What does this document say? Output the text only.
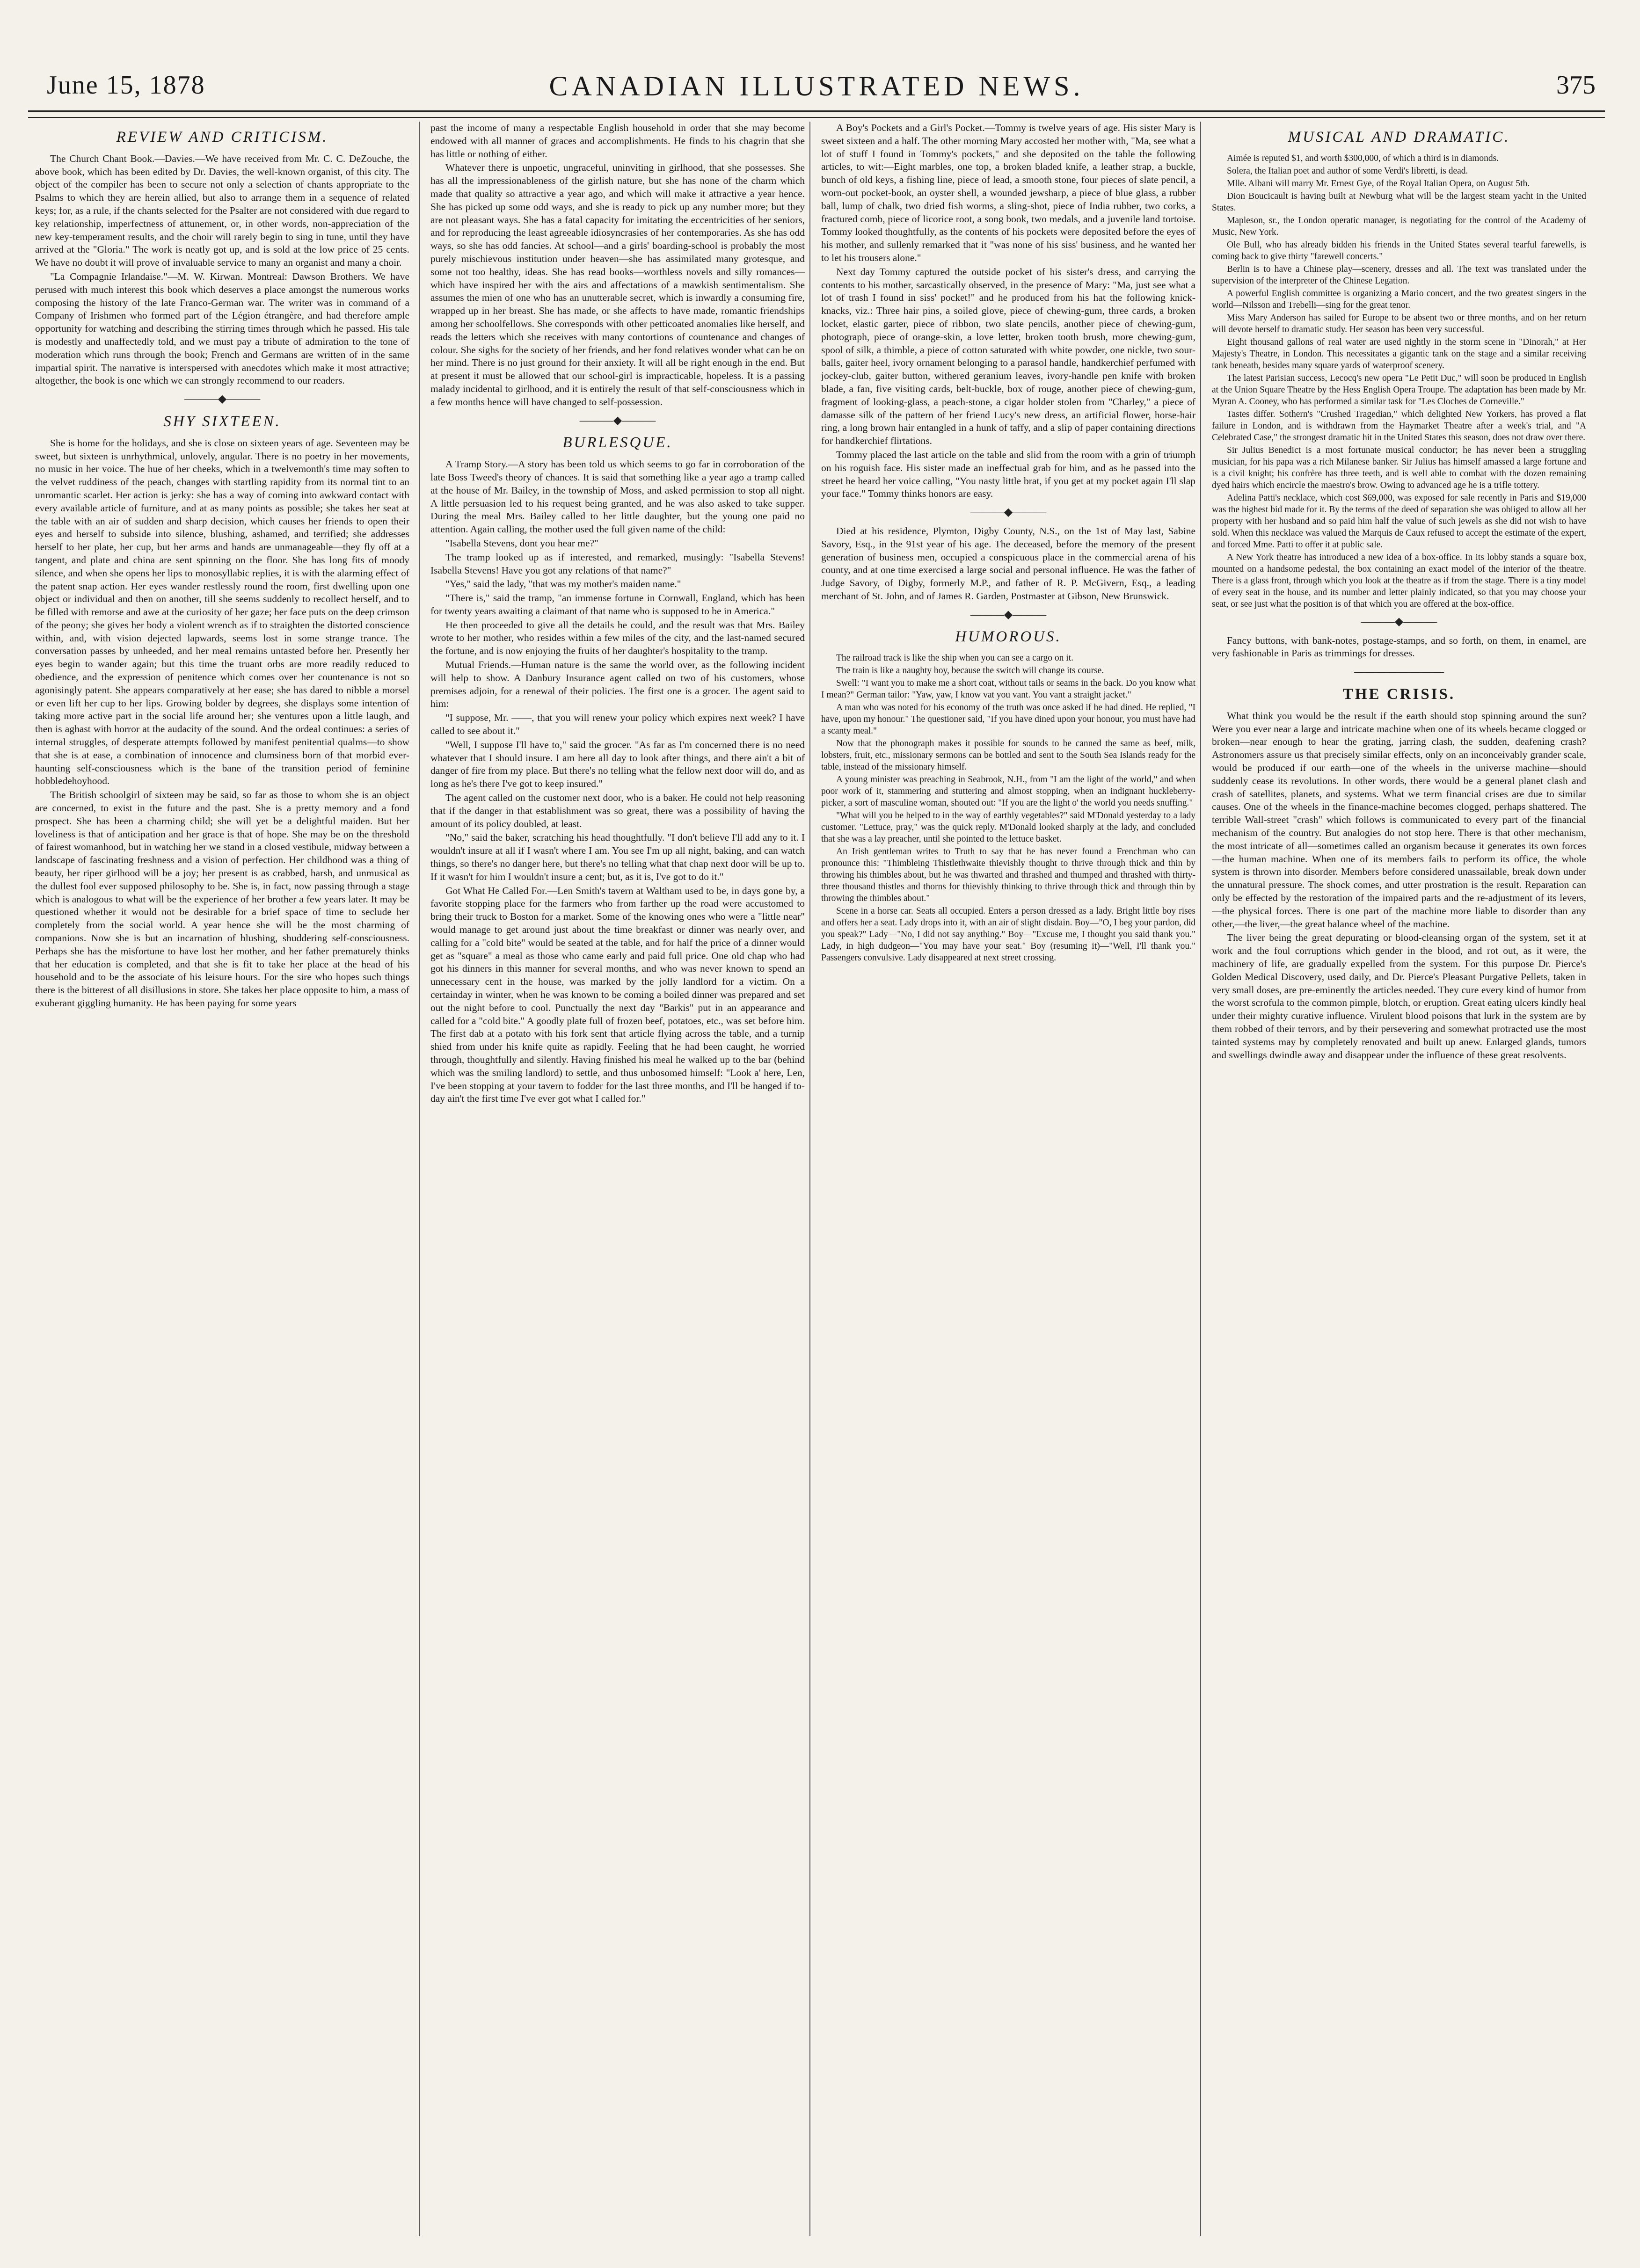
June 15, 1878	CANADIAN ILLUSTRATED NEWS.	375
REVIEW AND CRITICISM.

The Church Chant Book.—Davies.—We have received from Mr. C. C. DeZouche, the above book, which has been edited by Dr. Davies, the well-known organist, of this city. The object of the compiler has been to secure not only a selection of chants appropriate to the Psalms to which they are herein allied, but also to arrange them in a sequence of related keys; for, as a rule, if the chants selected for the Psalter are not considered with due regard to key relationship, imperfectness of attunement, or, in other words, non-appreciation of the new key-temperament results, and the choir will rarely begin to sing in tune, until they have arrived at the "Gloria." The work is neatly got up, and is sold at the low price of 25 cents. We have no doubt it will prove of invaluable service to many an organist and many a choir.

"La Compagnie Irlandaise."—M. W. Kirwan. Montreal: Dawson Brothers. We have perused with much interest this book which deserves a place amongst the numerous works composing the history of the late Franco-German war. The writer was in command of a Company of Irishmen who formed part of the Légion étrangère, and had therefore ample opportunity for watching and describing the stirring times through which he passed. His tale is modestly and unaffectedly told, and we must pay a tribute of admiration to the tone of moderation which runs through the book; French and Germans are written of in the same impartial spirit. The narrative is interspersed with anecdotes which make it most attractive; altogether, the book is one which we can strongly recommend to our readers.

———◆———
SHY SIXTEEN.

She is home for the holidays, and she is close on sixteen years of age. Seventeen may be sweet, but sixteen is unrhythmical, unlovely, angular. There is no poetry in her movements, no music in her voice. The hue of her cheeks, which in a twelvemonth's time may soften to the velvet ruddiness of the peach, changes with startling rapidity from its normal tint to an unromantic scarlet. Her action is jerky: she has a way of coming into awkward contact with every available article of furniture, and at as many points as possible; she takes her seat at the table with an air of sudden and sharp decision, which causes her friends to open their eyes and herself to subside into silence, blushing, ashamed, and terrified; she addresses herself to her plate, her cup, but her arms and hands are unmanageable—they fly off at a tangent, and plate and china are sent spinning on the floor. She has long fits of moody silence, and when she opens her lips to monosyllabic replies, it is with the alarming effect of the patent snap action. Her eyes wander restlessly round the room, first dwelling upon one object or individual and then on another, till she seems suddenly to recollect herself, and to be filled with remorse and awe at the curiosity of her gaze; her face puts on the deep crimson of the peony; she gives her body a violent wrench as if to straighten the distorted conscience within, and, with vision dejected lapwards, seems lost in some strange trance. The conversation passes by unheeded, and her meal remains untasted before her. Presently her eyes begin to wander again; but this time the truant orbs are more readily reduced to obedience, and the expression of penitence which comes over her countenance is not so agonisingly patent. She appears comparatively at her ease; she has dared to nibble a morsel or even lift her cup to her lips. Growing bolder by degrees, she displays some intention of taking more active part in the social life around her; she ventures upon a little laugh, and then is aghast with horror at the audacity of the sound. And the ordeal continues: a series of internal struggles, of desperate attempts followed by manifest penitential qualms—to show that she is at ease, a combination of innocence and clumsiness born of that morbid ever-haunting self-consciousness which is the bane of the transition period of feminine hobbledehoyhood.

The British schoolgirl of sixteen may be said, so far as those to whom she is an object are concerned, to exist in the future and the past. She is a pretty memory and a fond prospect. She has been a charming child; she will yet be a delightful maiden. But her loveliness is that of anticipation and her grace is that of hope. She may be on the threshold of fairest womanhood, but in watching her we stand in a closed vestibule, midway between a landscape of fascinating freshness and a vision of perfection. Her childhood was a thing of beauty, her riper girlhood will be a joy; her present is as crabbed, harsh, and unmusical as the dullest fool ever supposed philosophy to be. She is, in fact, now passing through a stage which is analogous to what will be the experience of her brother a few years later. It may be questioned whether it would not be desirable for a brief space of time to seclude her completely from the social world. A year hence she will be the most charming of companions. Now she is but an incarnation of blushing, shuddering self-consciousness. Perhaps she has the misfortune to have lost her mother, and her father prematurely thinks that her education is completed, and that she is fit to take her place at the head of his household and to be the associate of his leisure hours. For the sire who hopes such things there is the bitterest of all disillusions in store. She takes her place opposite to him, a mass of exuberant giggling humanity. He has been paying for some years

past the income of many a respectable English household in order that she may become endowed with all manner of graces and accomplishments. He finds to his chagrin that she has little or nothing of either.

Whatever there is unpoetic, ungraceful, uninviting in girlhood, that she possesses. She has all the impressionableness of the girlish nature, but she has none of the charm which made that quality so attractive a year ago, and which will make it attractive a year hence. She has picked up some odd ways, and she is ready to pick up any number more; but they are not pleasant ways. She has a fatal capacity for imitating the eccentricities of her seniors, and for reproducing the least agreeable idiosyncrasies of her contemporaries. As she has odd ways, so she has odd fancies. At school—and a girls' boarding-school is probably the most purely mischievous institution under heaven—she has assimilated many grotesque, and some not too healthy, ideas. She has read books—worthless novels and silly romances—which have inspired her with the airs and affectations of a mawkish sentimentalism. She assumes the mien of one who has an unutterable secret, which is inwardly a consuming fire, wrapped up in her breast. She has made, or she affects to have made, romantic friendships among her schoolfellows. She corresponds with other petticoated anomalies like herself, and reads the letters which she receives with many contortions of countenance and changes of colour. She sighs for the society of her friends, and her fond relatives wonder what can be on her mind. There is no just ground for their anxiety. It will all be right enough in the end. But at present it must be allowed that our school-girl is impracticable, hopeless. It is a passing malady incidental to girlhood, and it is entirely the result of that self-consciousness which in a few months hence will have changed to self-possession.

———◆———
BURLESQUE.

A Tramp Story.—A story has been told us which seems to go far in corroboration of the late Boss Tweed's theory of chances. It is said that something like a year ago a tramp called at the house of Mr. Bailey, in the township of Moss, and asked permission to stop all night. A little persuasion led to his request being granted, and he was also asked to take supper. During the meal Mrs. Bailey called to her little daughter, but the young one paid no attention. Again calling, the mother used the full given name of the child:

"Isabella Stevens, dont you hear me?"

The tramp looked up as if interested, and remarked, musingly: "Isabella Stevens! Isabella Stevens! Have you got any relations of that name?"

"Yes," said the lady, "that was my mother's maiden name."

"There is," said the tramp, "an immense fortune in Cornwall, England, which has been for twenty years awaiting a claimant of that name who is supposed to be in America."

He then proceeded to give all the details he could, and the result was that Mrs. Bailey wrote to her mother, who resides within a few miles of the city, and the last-named secured the fortune, and is now enjoying the fruits of her daughter's hospitality to the tramp.

Mutual Friends.—Human nature is the same the world over, as the following incident will help to show. A Danbury Insurance agent called on two of his customers, whose premises adjoin, for a renewal of their policies. The first one is a grocer. The agent said to him:

"I suppose, Mr. ——, that you will renew your policy which expires next week? I have called to see about it."

"Well, I suppose I'll have to," said the grocer. "As far as I'm concerned there is no need whatever that I should insure. I am here all day to look after things, and there ain't a bit of danger of fire from my place. But there's no telling what the fellow next door will do, and as long as he's there I've got to keep insured."

The agent called on the customer next door, who is a baker. He could not help reasoning that if the danger in that establishment was so great, there was a possibility of having the amount of its policy doubled, at least.

"No," said the baker, scratching his head thoughtfully. "I don't believe I'll add any to it. I wouldn't insure at all if I wasn't where I am. You see I'm up all night, baking, and can watch things, so there's no danger here, but there's no telling what that chap next door will be up to. If it wasn't for him I wouldn't insure a cent; but, as it is, I've got to do it."

Got What He Called For.—Len Smith's tavern at Waltham used to be, in days gone by, a favorite stopping place for the farmers who from farther up the road were accustomed to bring their truck to Boston for a market. Some of the knowing ones who were a "little near" would manage to get around just about the time breakfast or dinner was nearly over, and calling for a "cold bite" would be seated at the table, and for half the price of a dinner would get as "square" a meal as those who came early and paid full price. One old chap who had got his dinners in this manner for several months, and who was never known to spend an unnecessary cent in the house, was marked by the jolly landlord for a victim. On a certainday in winter, when he was known to be coming a boiled dinner was prepared and set out the night before to cool. Punctually the next day "Barkis" put in an appearance and called for a "cold bite." A goodly plate full of frozen beef, potatoes, etc., was set before him. The first dab at a potato with his fork sent that article flying across the table, and a turnip shied from under his knife quite as rapidly. Feeling that he had been caught, he worried through, thoughtfully and silently. Having finished his meal he walked up to the bar (behind which was the smiling landlord) to settle, and thus unbosomed himself: "Look a' here, Len, I've been stopping at your tavern to fodder for the last three months, and I'll be hanged if to-day ain't the first time I've ever got what I called for."

A Boy's Pockets and a Girl's Pocket.—Tommy is twelve years of age. His sister Mary is sweet sixteen and a half. The other morning Mary accosted her mother with, "Ma, see what a lot of stuff I found in Tommy's pockets," and she deposited on the table the following articles, to wit:—Eight marbles, one top, a broken bladed knife, a leather strap, a buckle, bunch of old keys, a fishing line, piece of lead, a smooth stone, four pieces of slate pencil, a worn-out pocket-book, an oyster shell, a wounded jewsharp, a piece of blue glass, a rubber ball, lump of chalk, two dried fish worms, a sling-shot, piece of India rubber, two corks, a fractured comb, piece of licorice root, a song book, two medals, and a juvenile land tortoise. Tommy looked thoughtfully, as the contents of his pockets were deposited before the eyes of his mother, and sullenly remarked that it "was none of his siss' business, and he wanted her to let his trousers alone."

Next day Tommy captured the outside pocket of his sister's dress, and carrying the contents to his mother, sarcastically observed, in the presence of Mary: "Ma, just see what a lot of trash I found in siss' pocket!" and he produced from his hat the following knick-knacks, viz.: Three hair pins, a soiled glove, piece of chewing-gum, three cards, a broken locket, elastic garter, piece of ribbon, two slate pencils, another piece of chewing-gum, photograph, piece of orange-skin, a love letter, broken tooth brush, more chewing-gum, spool of silk, a thimble, a piece of cotton saturated with white powder, one nickle, two sour-balls, gaiter heel, ivory ornament belonging to a parasol handle, handkerchief perfumed with jockey-club, gaiter button, withered geranium leaves, ivory-handle pen knife with broken blade, a fan, five visiting cards, belt-buckle, box of rouge, another piece of chewing-gum, fragment of looking-glass, a peach-stone, a cigar holder stolen from "Charley," a piece of damasse silk of the pattern of her friend Lucy's new dress, an artificial flower, horse-hair ring, a long brown hair entangled in a hunk of taffy, and a slip of paper containing directions for handkerchief flirtations.

Tommy placed the last article on the table and slid from the room with a grin of triumph on his roguish face. His sister made an ineffectual grab for him, and as he passed into the street he heard her voice calling, "You nasty little brat, if you get at my pocket again I'll slap your face." Tommy thinks honors are easy.

———◆———

Died at his residence, Plymton, Digby County, N.S., on the 1st of May last, Sabine Savory, Esq., in the 91st year of his age. The deceased, before the memory of the present generation of business men, occupied a conspicuous place in the commercial arena of his county, and at one time exercised a large social and personal influence. He was the father of Judge Savory, of Digby, formerly M.P., and father of R. P. McGivern, Esq., a leading merchant of St. John, and of James R. Garden, Postmaster at Gibson, New Brunswick.

———◆———
HUMOROUS.

The railroad track is like the ship when you can see a cargo on it.

The train is like a naughty boy, because the switch will change its course.

Swell: "I want you to make me a short coat, without tails or seams in the back. Do you know what I mean?" German tailor: "Yaw, yaw, I know vat you vant. You vant a straight jacket."

A man who was noted for his economy of the truth was once asked if he had dined. He replied, "I have, upon my honour." The questioner said, "If you have dined upon your honour, you must have had a scanty meal."

Now that the phonograph makes it possible for sounds to be canned the same as beef, milk, lobsters, fruit, etc., missionary sermons can be bottled and sent to the South Sea Islands ready for the table, instead of the missionary himself.

A young minister was preaching in Seabrook, N.H., from "I am the light of the world," and when poor work of it, stammering and stuttering and almost stopping, when an indignant huckleberry-picker, a sort of masculine woman, shouted out: "If you are the light o' the world you needs snuffing."

"What will you be helped to in the way of earthly vegetables?" said M'Donald yesterday to a lady customer. "Lettuce, pray," was the quick reply. M'Donald looked sharply at the lady, and concluded that she was a lay preacher, until she pointed to the lettuce basket.

An Irish gentleman writes to Truth to say that he has never found a Frenchman who can pronounce this: "Thimbleing Thistlethwaite thievishly thought to thrive through thick and thin by throwing his thimbles about, but he was thwarted and thrashed and thumped and thrashed with thirty-three thousand thistles and thorns for thievishly thinking to thrive through thick and through thin by throwing the thimbles about."

Scene in a horse car. Seats all occupied. Enters a person dressed as a lady. Bright little boy rises and offers her a seat. Lady drops into it, with an air of slight disdain. Boy—"O, I beg your pardon, did you speak?" Lady—"No, I did not say anything." Boy—"Excuse me, I thought you said thank you." Lady, in high dudgeon—"You may have your seat." Boy (resuming it)—"Well, I'll thank you." Passengers convulsive. Lady disappeared at next street crossing.

MUSICAL AND DRAMATIC.

Aimée is reputed $1, and worth $300,000, of which a third is in diamonds.

Solera, the Italian poet and author of some Verdi's libretti, is dead.

Mlle. Albani will marry Mr. Ernest Gye, of the Royal Italian Opera, on August 5th.

Dion Boucicault is having built at Newburg what will be the largest steam yacht in the United States.

Mapleson, sr., the London operatic manager, is negotiating for the control of the Academy of Music, New York.

Ole Bull, who has already bidden his friends in the United States several tearful farewells, is coming back to give thirty "farewell concerts."

Berlin is to have a Chinese play—scenery, dresses and all. The text was translated under the supervision of the interpreter of the Chinese Legation.

A powerful English committee is organizing a Mario concert, and the two greatest singers in the world—Nilsson and Trebelli—sing for the great tenor.

Miss Mary Anderson has sailed for Europe to be absent two or three months, and on her return will devote herself to dramatic study. Her season has been very successful.

Eight thousand gallons of real water are used nightly in the storm scene in "Dinorah," at Her Majesty's Theatre, in London. This necessitates a gigantic tank on the stage and a similar receiving tank beneath, besides many square yards of waterproof scenery.

The latest Parisian success, Lecocq's new opera "Le Petit Duc," will soon be produced in English at the Union Square Theatre by the Hess English Opera Troupe. The adaptation has been made by Mr. Myran A. Cooney, who has performed a similar task for "Les Cloches de Corneville."

Tastes differ. Sothern's "Crushed Tragedian," which delighted New Yorkers, has proved a flat failure in London, and is withdrawn from the Haymarket Theatre after a week's trial, and "A Celebrated Case," the strongest dramatic hit in the United States this season, does not draw over there.

Sir Julius Benedict is a most fortunate musical conductor; he has never been a struggling musician, for his papa was a rich Milanese banker. Sir Julius has himself amassed a large fortune and is a civil knight; his confrère has three teeth, and is well able to combat with the dozen remaining dyed hairs which encircle the maestro's brow. Owing to advanced age he is a trifle tottery.

Adelina Patti's necklace, which cost $69,000, was exposed for sale recently in Paris and $19,000 was the highest bid made for it. By the terms of the deed of separation she was obliged to allow all her property with her husband and so paid him half the value of such jewels as she did not wish to have sold. When this necklace was valued the Marquis de Caux refused to accept the estimate of the expert, and forced Mme. Patti to offer it at public sale.

A New York theatre has introduced a new idea of a box-office. In its lobby stands a square box, mounted on a handsome pedestal, the box containing an exact model of the interior of the theatre. There is a glass front, through which you look at the theatre as if from the stage. There is a tiny model of every seat in the house, and its number and letter plainly indicated, so that you may choose your seat, or see just what the position is of that which you are offered at the box-office.

———◆———

Fancy buttons, with bank-notes, postage-stamps, and so forth, on them, in enamel, are very fashionable in Paris as trimmings for dresses.

————————
THE CRISIS.

What think you would be the result if the earth should stop spinning around the sun? Were you ever near a large and intricate machine when one of its wheels became clogged or broken—near enough to hear the grating, jarring clash, the sudden, deafening crash? Astronomers assure us that precisely similar effects, only on an inconceivably grander scale, would be produced if our earth—one of the wheels in the universe machine—should suddenly cease its revolutions. In other words, there would be a general planet clash and crash of satellites, planets, and systems. What we term financial crises are due to similar causes. One of the wheels in the finance-machine becomes clogged, perhaps shattered. The terrible Wall-street "crash" which follows is communicated to every part of the financial mechanism of the country. But analogies do not stop here. There is that other mechanism, the most intricate of all—sometimes called an organism because it generates its own forces—the human machine. When one of its members fails to perform its office, the whole system is thrown into disorder. Members before considered unassailable, break down under the unnatural pressure. The shock comes, and utter prostration is the result. Reparation can only be effected by the restoration of the impaired parts and the re-adjustment of its levers,—the physical forces. There is one part of the machine more liable to disorder than any other,—the liver,—the great balance wheel of the machine.

The liver being the great depurating or blood-cleansing organ of the system, set it at work and the foul corruptions which gender in the blood, and rot out, as it were, the machinery of life, are gradually expelled from the system. For this purpose Dr. Pierce's Golden Medical Discovery, used daily, and Dr. Pierce's Pleasant Purgative Pellets, taken in very small doses, are pre-eminently the articles needed. They cure every kind of humor from the worst scrofula to the common pimple, blotch, or eruption. Great eating ulcers kindly heal under their mighty curative influence. Virulent blood poisons that lurk in the system are by them robbed of their terrors, and by their persevering and somewhat protracted use the most tainted systems may by completely renovated and built up anew. Enlarged glands, tumors and swellings dwindle away and disappear under the influence of these great resolvents.
